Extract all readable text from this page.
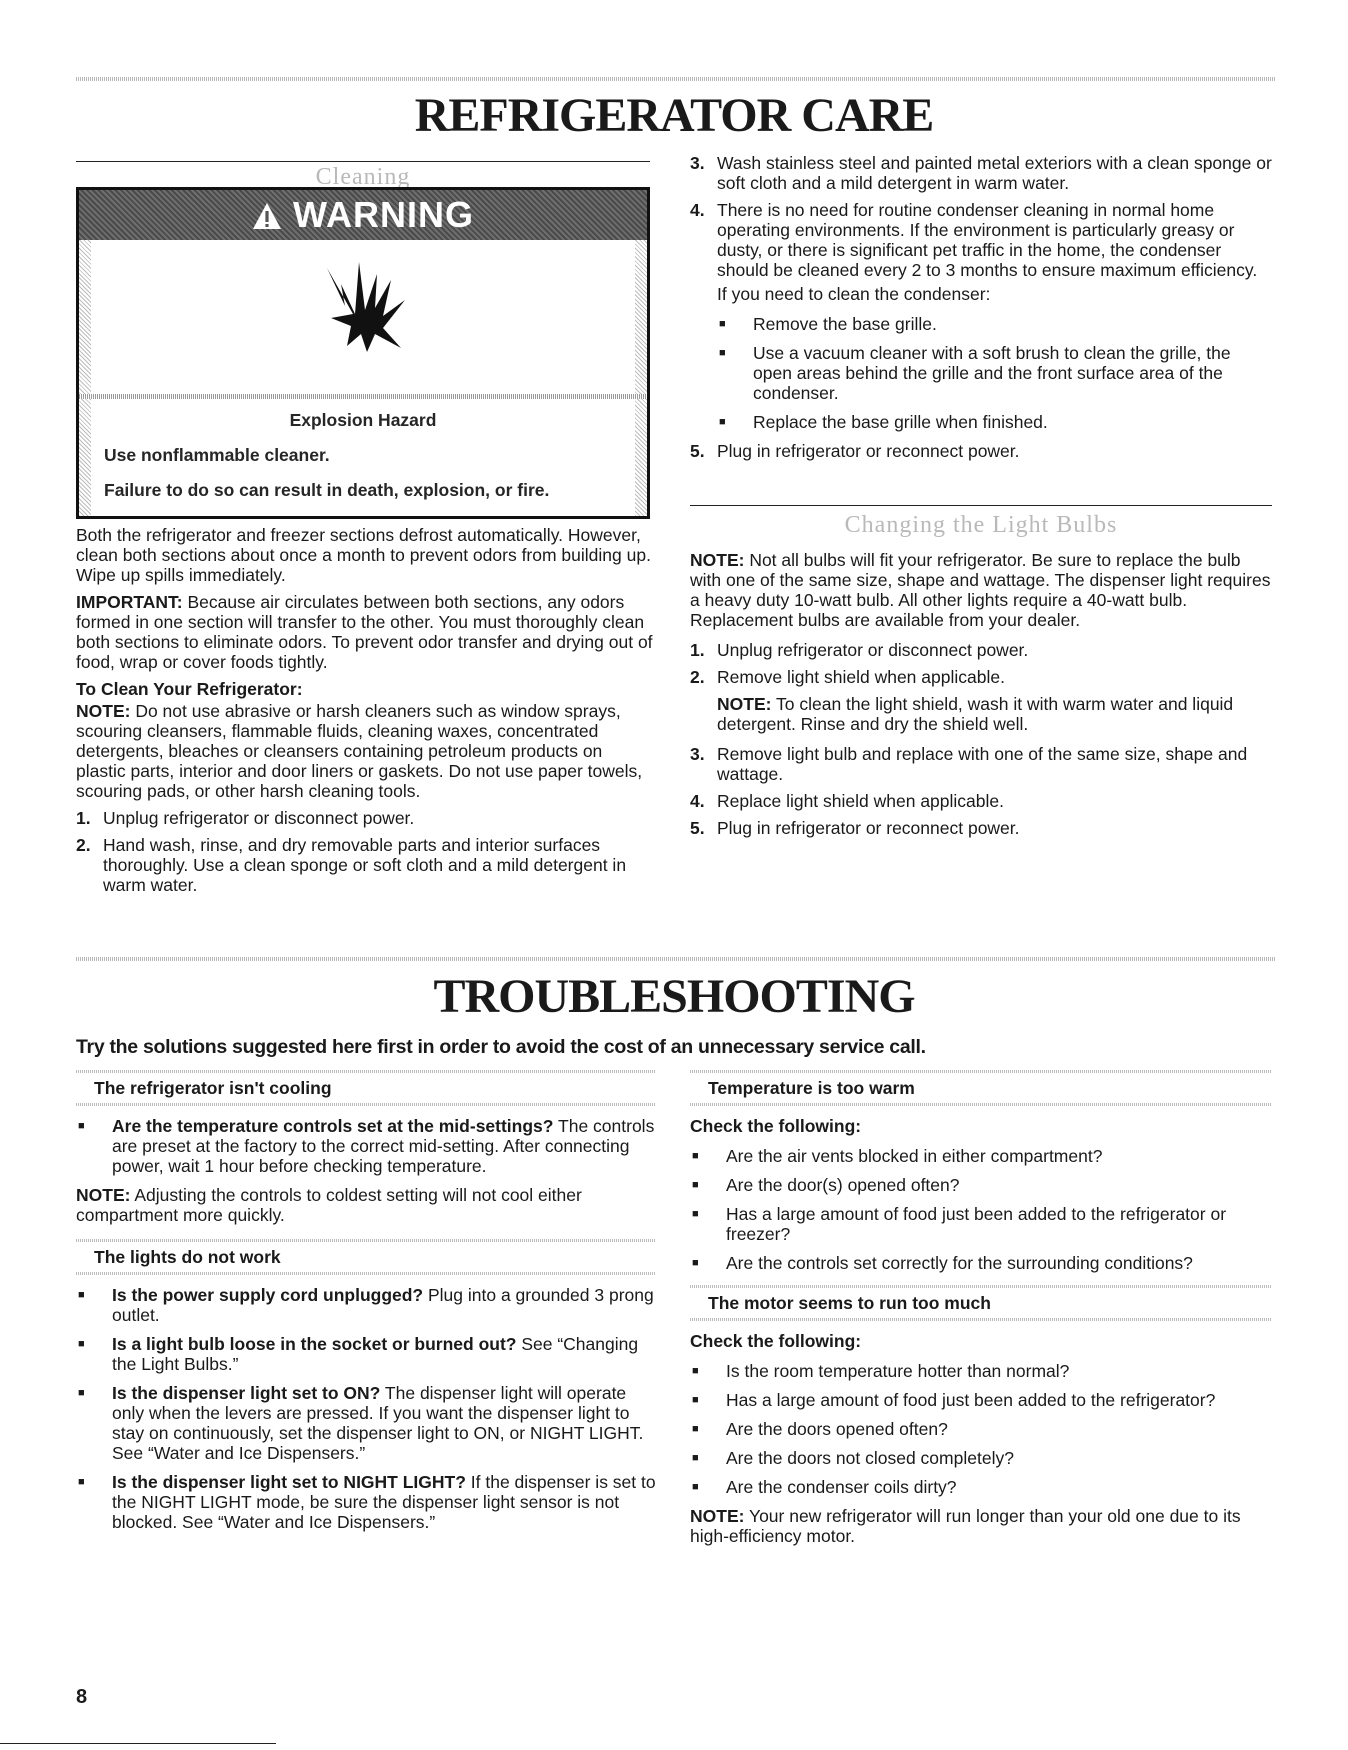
REFRIGERATOR CARE
Cleaning
WARNING
Explosion Hazard
Use nonflammable cleaner.
Failure to do so can result in death, explosion, or fire.

Both the refrigerator and freezer sections defrost automatically. However, clean both sections about once a month to prevent odors from building up. Wipe up spills immediately.

IMPORTANT: Because air circulates between both sections, any odors formed in one section will transfer to the other. You must thoroughly clean both sections to eliminate odors. To prevent odor transfer and drying out of food, wrap or cover foods tightly.

To Clean Your Refrigerator:

NOTE: Do not use abrasive or harsh cleaners such as window sprays, scouring cleansers, flammable fluids, cleaning waxes, concentrated detergents, bleaches or cleansers containing petroleum products on plastic parts, interior and door liners or gaskets. Do not use paper towels, scouring pads, or other harsh cleaning tools.

1. Unplug refrigerator or disconnect power.
2. Hand wash, rinse, and dry removable parts and interior surfaces thoroughly. Use a clean sponge or soft cloth and a mild detergent in warm water.
3. Wash stainless steel and painted metal exteriors with a clean sponge or soft cloth and a mild detergent in warm water.
4. There is no need for routine condenser cleaning in normal home operating environments. If the environment is particularly greasy or dusty, or there is significant pet traffic in the home, the condenser should be cleaned every 2 to 3 months to ensure maximum efficiency.

If you need to clean the condenser:

■	Remove the base grille.
■	Use a vacuum cleaner with a soft brush to clean the grille, the open areas behind the grille and the front surface area of the condenser.
■	Replace the base grille when finished.
5. Plug in refrigerator or reconnect power.
Changing the Light Bulbs

NOTE: Not all bulbs will fit your refrigerator. Be sure to replace the bulb with one of the same size, shape and wattage. The dispenser light requires a heavy duty 10-watt bulb. All other lights require a 40-watt bulb. Replacement bulbs are available from your dealer.

1. Unplug refrigerator or disconnect power.
2. Remove light shield when applicable.

NOTE: To clean the light shield, wash it with warm water and liquid detergent. Rinse and dry the shield well.

3. Remove light bulb and replace with one of the same size, shape and wattage.
4. Replace light shield when applicable.
5. Plug in refrigerator or reconnect power.
TROUBLESHOOTING
Try the solutions suggested here first in order to avoid the cost of an unnecessary service call.
The refrigerator isn't cooling
■	Are the temperature controls set at the mid-settings? The controls are preset at the factory to the correct mid-setting. After connecting power, wait 1 hour before checking temperature.

NOTE: Adjusting the controls to coldest setting will not cool either compartment more quickly.

The lights do not work
■	Is the power supply cord unplugged? Plug into a grounded 3 prong outlet.
■	Is a light bulb loose in the socket or burned out? See “Changing the Light Bulbs.”
■	Is the dispenser light set to ON? The dispenser light will operate only when the levers are pressed. If you want the dispenser light to stay on continuously, set the dispenser light to ON, or NIGHT LIGHT. See “Water and Ice Dispensers.”
■	Is the dispenser light set to NIGHT LIGHT? If the dispenser is set to the NIGHT LIGHT mode, be sure the dispenser light sensor is not blocked. See “Water and Ice Dispensers.”
Temperature is too warm

Check the following:

■	Are the air vents blocked in either compartment?
■	Are the door(s) opened often?
■	Has a large amount of food just been added to the refrigerator or freezer?
■	Are the controls set correctly for the surrounding conditions?
The motor seems to run too much

Check the following:

■	Is the room temperature hotter than normal?
■	Has a large amount of food just been added to the refrigerator?
■	Are the doors opened often?
■	Are the doors not closed completely?
■	Are the condenser coils dirty?

NOTE: Your new refrigerator will run longer than your old one due to its high-efficiency motor.

8
